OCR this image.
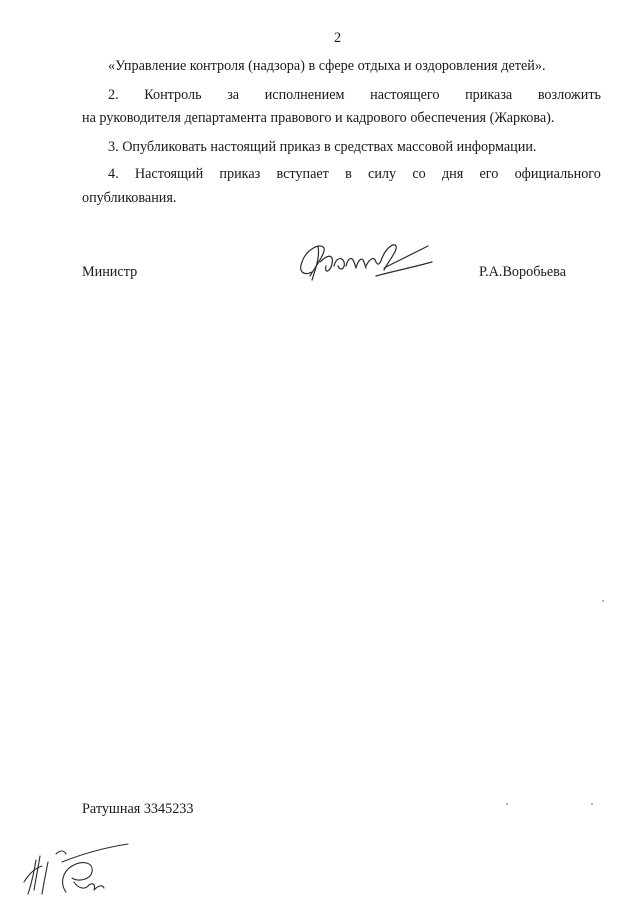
2
«Управление контроля (надзора) в сфере отдыха и оздоровления детей».
2. Контроль за исполнением настоящего приказа возложить
на руководителя департамента правового и кадрового обеспечения (Жаркова).
3. Опубликовать настоящий приказ в средствах массовой информации.
4. Настоящий приказ вступает в силу со дня его официального
опубликования.
Министр	Р.А.Воробьева
Ратушная 3345233
